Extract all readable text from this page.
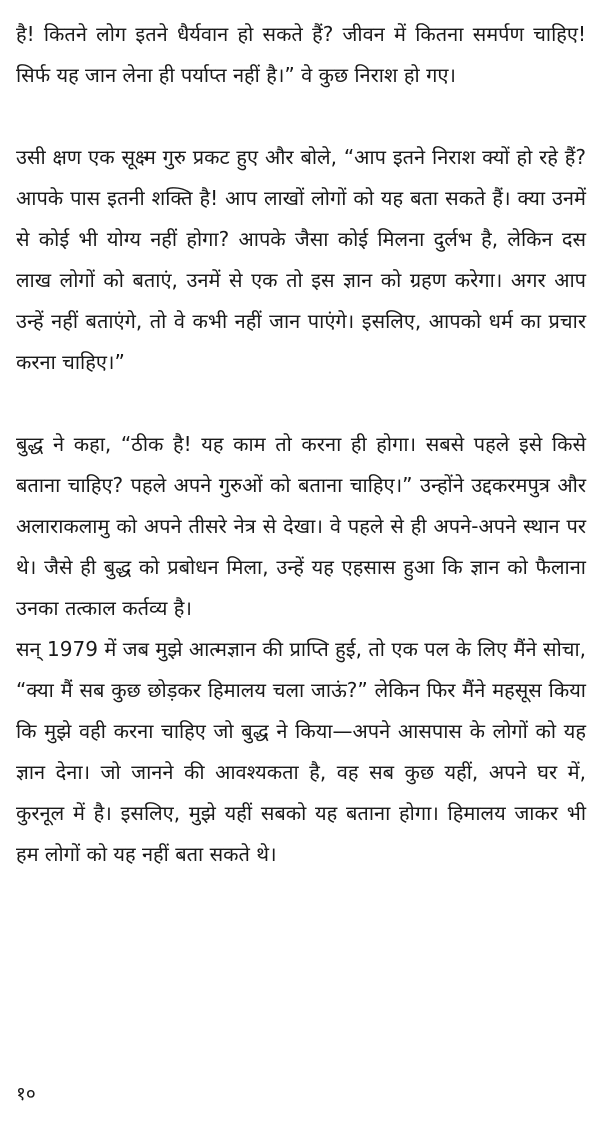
है! कितने लोग इतने धैर्यवान हो सकते हैं? जीवन में कितना समर्पण चाहिए! सिर्फ यह जान लेना ही पर्याप्त नहीं है।” वे कुछ निराश हो गए।

उसी क्षण एक सूक्ष्म गुरु प्रकट हुए और बोले, “आप इतने निराश क्यों हो रहे हैं? आपके पास इतनी शक्ति है! आप लाखों लोगों को यह बता सकते हैं। क्या उनमें से कोई भी योग्य नहीं होगा? आपके जैसा कोई मिलना दुर्लभ है, लेकिन दस लाख लोगों को बताएं, उनमें से एक तो इस ज्ञान को ग्रहण करेगा। अगर आप उन्हें नहीं बताएंगे, तो वे कभी नहीं जान पाएंगे। इसलिए, आपको धर्म का प्रचार करना चाहिए।”

बुद्ध ने कहा, “ठीक है! यह काम तो करना ही होगा। सबसे पहले इसे किसे बताना चाहिए? पहले अपने गुरुओं को बताना चाहिए।” उन्होंने उद्दकरमपुत्र और अलाराकलामु को अपने तीसरे नेत्र से देखा। वे पहले से ही अपने-अपने स्थान पर थे। जैसे ही बुद्ध को प्रबोधन मिला, उन्हें यह एहसास हुआ कि ज्ञान को फैलाना उनका तत्काल कर्तव्य है।

सन् 1979 में जब मुझे आत्मज्ञान की प्राप्ति हुई, तो एक पल के लिए मैंने सोचा, “क्या मैं सब कुछ छोड़कर हिमालय चला जाऊं?” लेकिन फिर मैंने महसूस किया कि मुझे वही करना चाहिए जो बुद्ध ने किया—अपने आसपास के लोगों को यह ज्ञान देना। जो जानने की आवश्यकता है, वह सब कुछ यहीं, अपने घर में, कुरनूल में है। इसलिए, मुझे यहीं सबको यह बताना होगा। हिमालय जाकर भी हम लोगों को यह नहीं बता सकते थे।

१०
